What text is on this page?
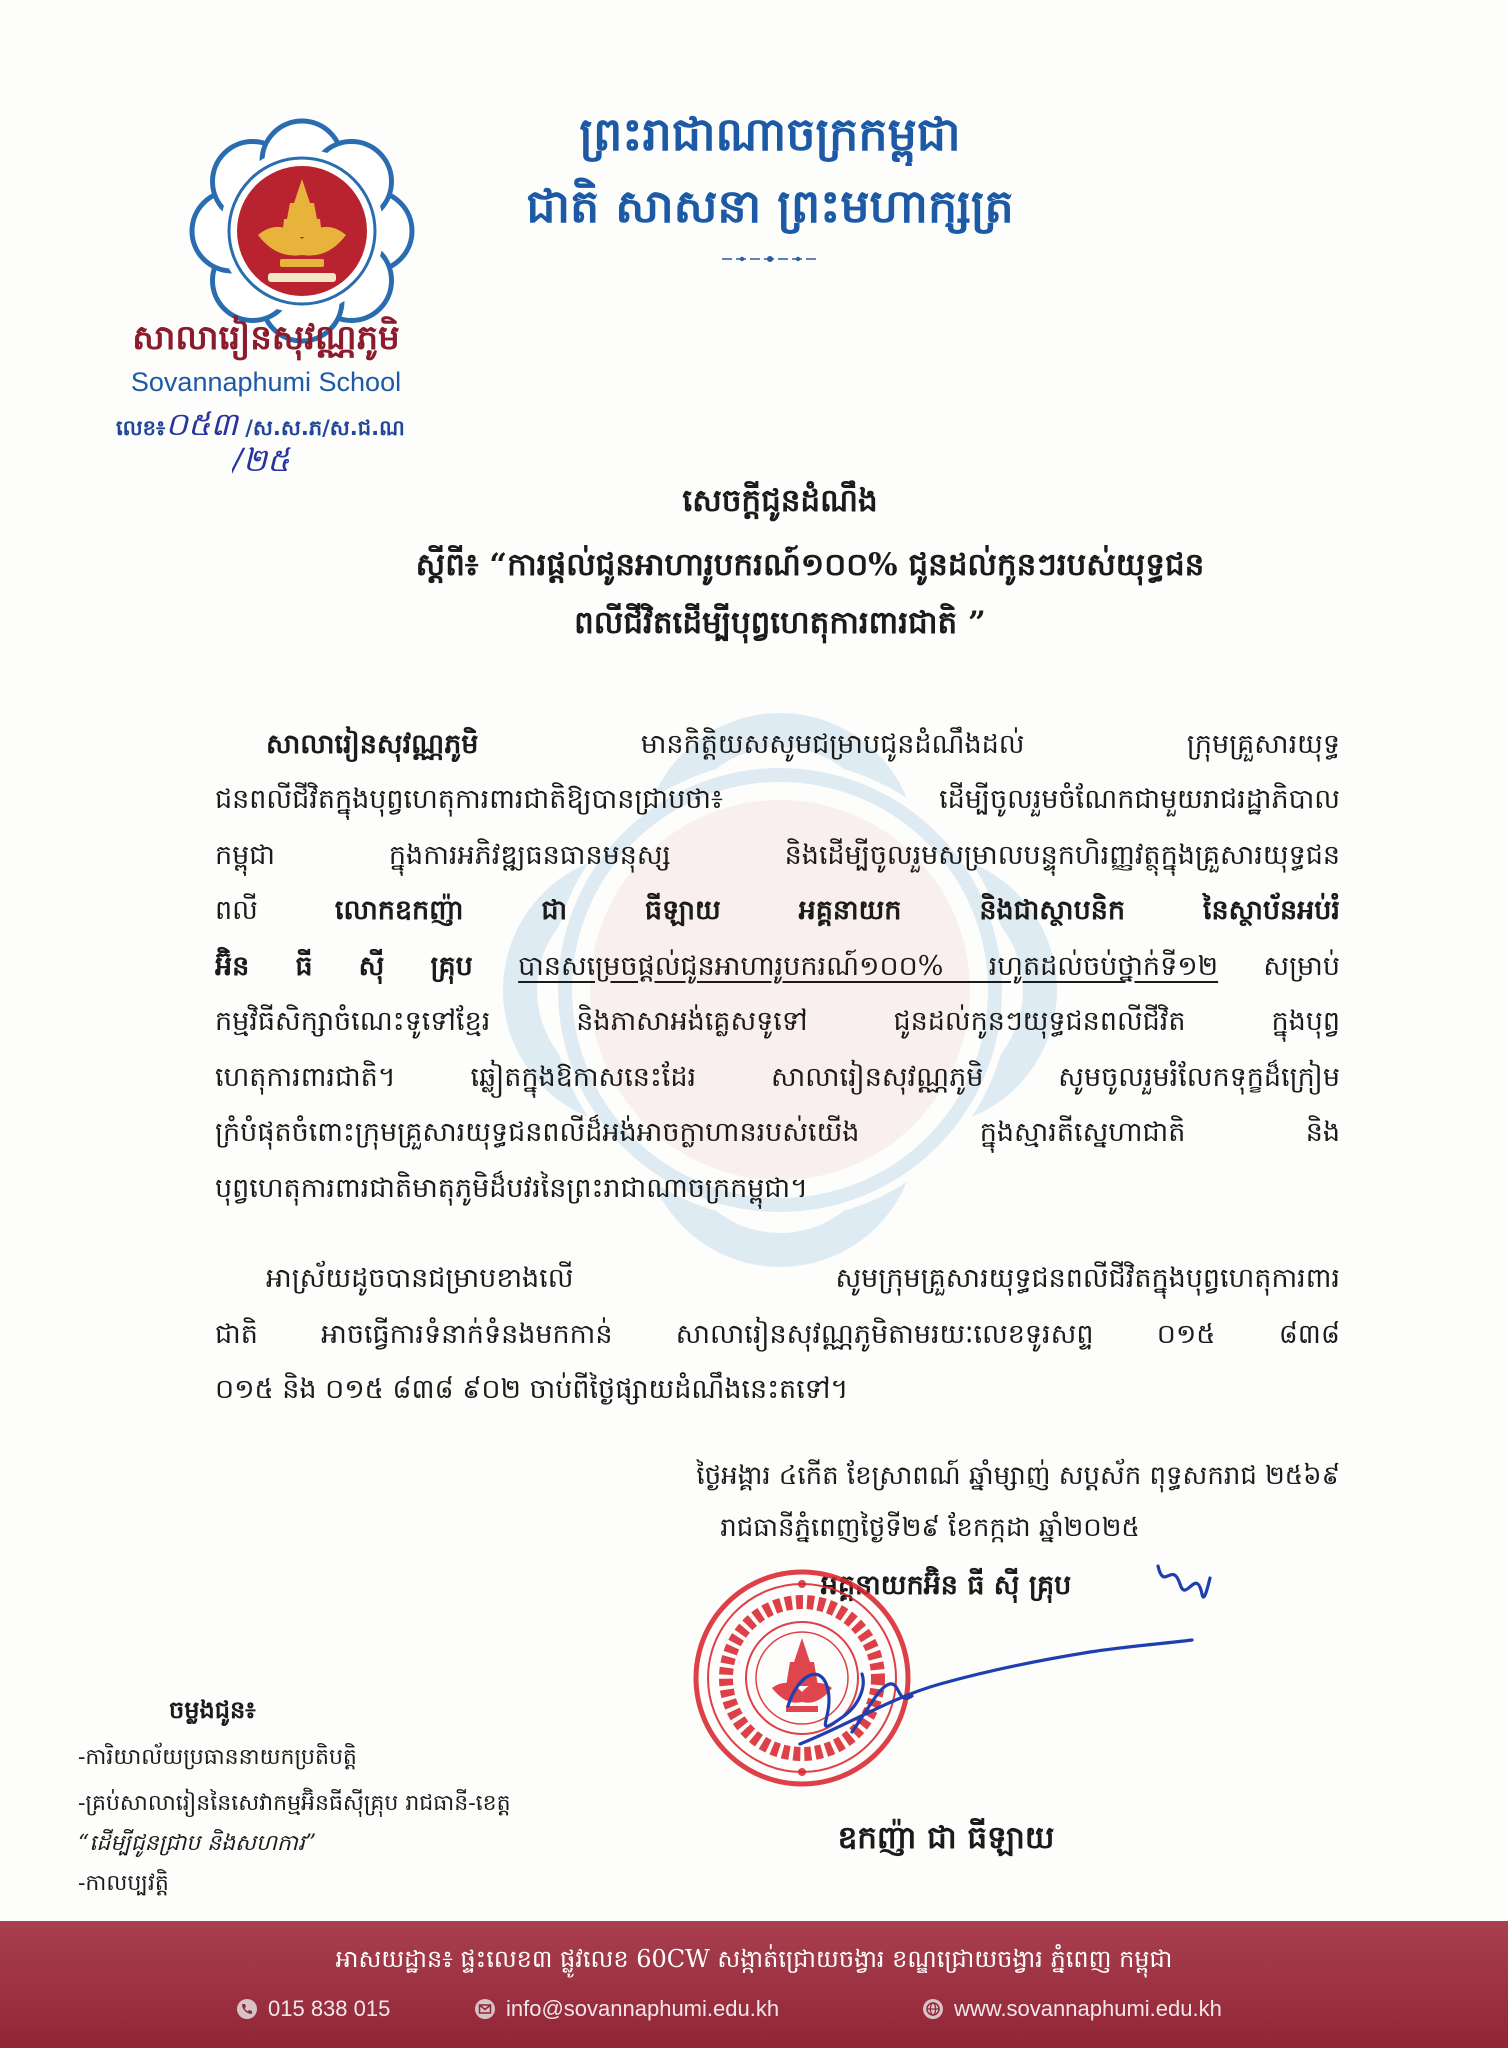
ព្រះរាជាណាចក្រកម្ពុជា
ជាតិ សាសនា ព្រះមហាក្សត្រ
សាលារៀនសុវណ្ណភូមិ
Sovannaphumi School
លេខ៖០៥៣ /ស.ស.ភ/ស.ជ.ណ
/២៥
សេចក្តីជូនដំណឹង
ស្តីពី៖ “ការផ្តល់ជូនអាហារូបករណ៍១០០% ជូនដល់កូនៗរបស់យុទ្ធជន
ពលីជីវិតដើម្បីបុព្វហេតុការពារជាតិ ”
សាលារៀនសុវណ្ណភូមិ	មានកិត្តិយសសូមជម្រាបជូនដំណឹងដល់ ក្រុមគ្រួសារយុទ្ធ
ជនពលីជីវិតក្នុងបុព្វហេតុការពារជាតិឱ្យបានជ្រាបថា៖ ដើម្បីចូលរួមចំណែកជាមួយរាជរដ្ឋាភិបាល
កម្ពុជា ក្នុងការអភិវឌ្ឍធនធានមនុស្ស និងដើម្បីចូលរួមសម្រាលបន្ទុកហិរញ្ញវត្ថុក្នុងគ្រួសារយុទ្ធជន
ពលី	លោកឧកញ៉ា ជា ធីឡាយ អគ្គនាយក និងជាស្ថាបនិក នៃស្ថាប័នអប់រំ
អ៊ិន ធី ស៊ី គ្រុប បានសម្រេចផ្តល់ជូនអាហារូបករណ៍១០០% រហូតដល់ចប់ថ្នាក់ទី១២ សម្រាប់
កម្មវិធីសិក្សាចំណេះទូទៅខ្មែរ និងភាសាអង់គ្លេសទូទៅ ជូនដល់កូនៗយុទ្ធជនពលីជីវិត ក្នុងបុព្វ
ហេតុការពារជាតិ។ ឆ្លៀតក្នុងឱកាសនេះដែរ សាលារៀនសុវណ្ណភូមិ សូមចូលរួមរំលែកទុក្ខដ៏ក្រៀម
ក្រំបំផុតចំពោះក្រុមគ្រួសារយុទ្ធជនពលីដ៏អង់អាចក្លាហានរបស់យើង ក្នុងស្មារតីស្នេហាជាតិ និង
បុព្វហេតុការពារជាតិមាតុភូមិដ៏បវរនៃព្រះរាជាណាចក្រកម្ពុជា។
អាស្រ័យដូចបានជម្រាបខាងលើ សូមក្រុមគ្រួសារយុទ្ធជនពលីជីវិតក្នុងបុព្វហេតុការពារ
ជាតិ អាចធ្វើការទំនាក់ទំនងមកកាន់ សាលារៀនសុវណ្ណភូមិតាមរយៈលេខទូរសព្ទ ០១៥ ៨៣៨
០១៥ និង ០១៥ ៨៣៨ ៩០២ ចាប់ពីថ្ងៃផ្សាយដំណឹងនេះតទៅ។
ថ្ងៃអង្គារ ៤កើត ខែស្រាពណ៍ ឆ្នាំម្សាញ់ សប្តស័ក ពុទ្ធសករាជ ២៥៦៩
រាជធានីភ្នំពេញថ្ងៃទី២៩ ខែកក្កដា ឆ្នាំ២០២៥
អគ្គនាយកអ៊ិន ធី ស៊ី គ្រុប
ឧកញ៉ា ជា ធីឡាយ
ចម្លងជូន៖
-ការិយាល័យប្រធាននាយកប្រតិបត្តិ
-គ្រប់សាលារៀននៃសេវាកម្មអ៊ិនធីស៊ីគ្រុប រាជធានី-ខេត្ត
“ដើម្បីជូនជ្រាប និងសហការ”
-កាលប្បវត្តិ
អាសយដ្ឋាន៖ ផ្ទះលេខ៣ ផ្លូវលេខ 60CW សង្កាត់ជ្រោយចង្វារ ខណ្ឌជ្រោយចង្វារ ភ្នំពេញ កម្ពុជា
015 838 015	info@sovannaphumi.edu.kh	www.sovannaphumi.edu.kh
